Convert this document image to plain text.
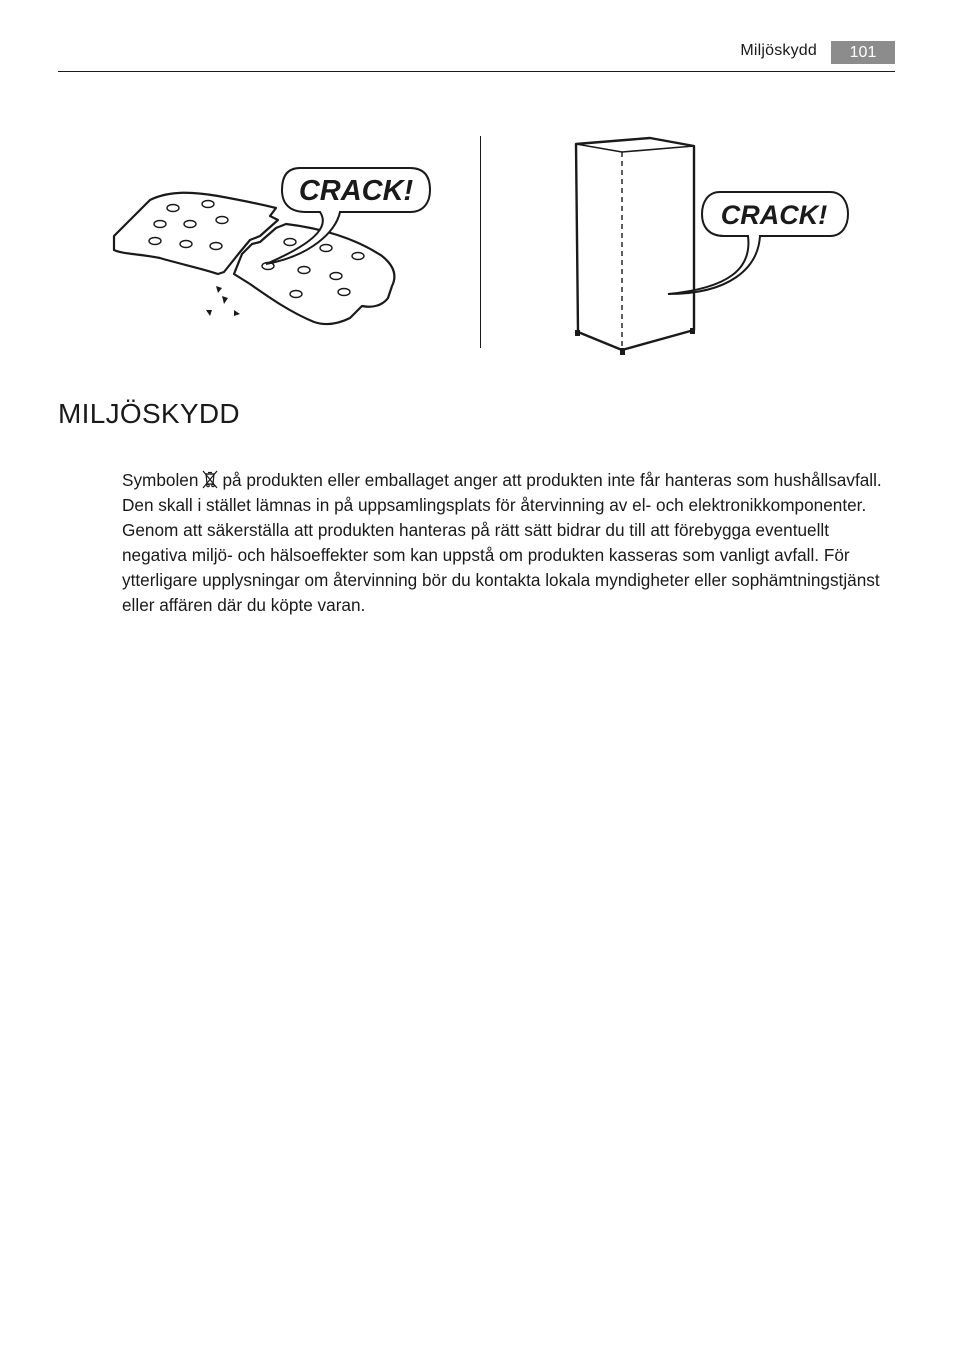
Miljöskydd	101
CRACK!
CRACK!
MILJÖSKYDD

Symbolen på produkten eller emballaget anger att produkten inte får hanteras som hushållsavfall. Den skall i stället lämnas in på uppsamlingsplats för återvinning av el- och elektronikkomponenter. Genom att säkerställa att produkten hanteras på rätt sätt bidrar du till att förebygga eventuellt negativa miljö- och hälsoeffekter som kan uppstå om produkten kasseras som vanligt avfall. För ytterligare upplysningar om återvinning bör du kontakta lokala myndigheter eller sophämtningstjänst eller affären där du köpte varan.
